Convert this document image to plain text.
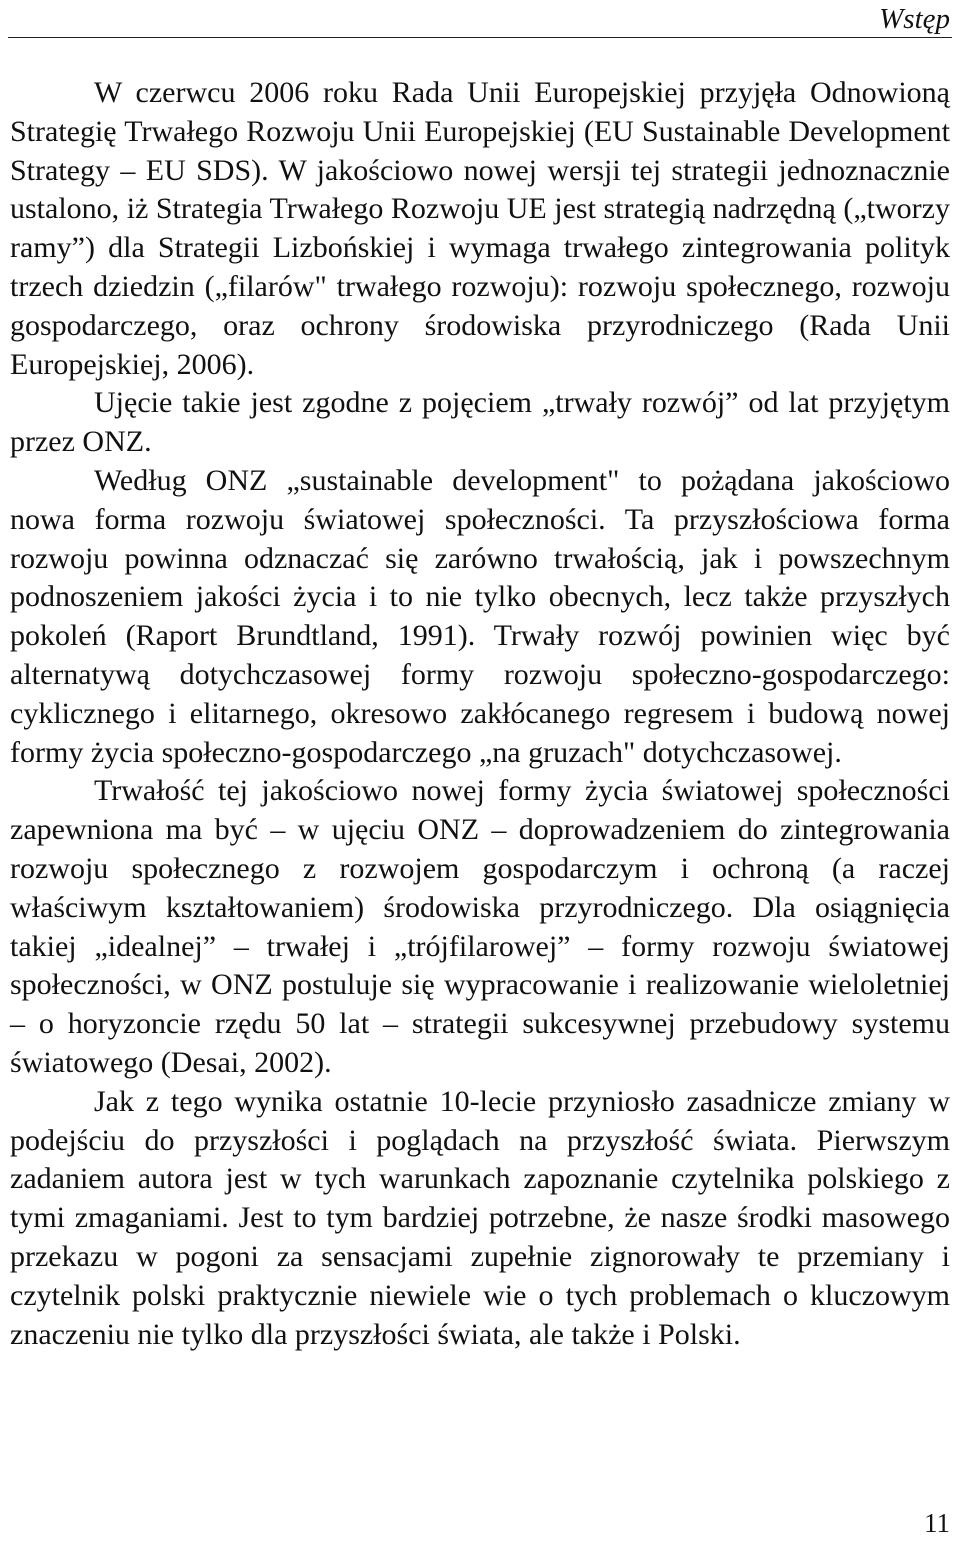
Wstęp

W czerwcu 2006 roku Rada Unii Europejskiej przyjęła Odnowioną Strategię Trwałego Rozwoju Unii Europejskiej (EU Sustainable Development Strategy – EU SDS). W jakościowo nowej wersji tej strategii jednoznacznie ustalono, iż Strategia Trwałego Rozwoju UE jest strategią nadrzędną („tworzy ramy”) dla Strategii Lizbońskiej i wymaga trwałego zintegrowania polityk trzech dziedzin („filarów" trwałego rozwoju): rozwoju społecznego, rozwoju gospodarczego, oraz ochrony środowiska przyrodniczego (Rada Unii Europejskiej, 2006).

Ujęcie takie jest zgodne z pojęciem „trwały rozwój” od lat przyjętym przez ONZ.

Według ONZ „sustainable development" to pożądana jakościowo nowa forma rozwoju światowej społeczności. Ta przyszłościowa forma rozwoju powinna odznaczać się zarówno trwałością, jak i powszechnym podnoszeniem jakości życia i to nie tylko obecnych, lecz także przyszłych pokoleń (Raport Brundtland, 1991). Trwały rozwój powinien więc być alternatywą dotychczasowej formy rozwoju społeczno-gospodarczego: cyklicznego i elitarnego, okresowo zakłócanego regresem i budową nowej formy życia społeczno-gospodarczego „na gruzach" dotychczasowej.

Trwałość tej jakościowo nowej formy życia światowej społeczności zapewniona ma być – w ujęciu ONZ – doprowadzeniem do zintegrowania rozwoju społecznego z rozwojem gospodarczym i ochroną (a raczej właściwym kształtowaniem) środowiska przyrodniczego. Dla osiągnięcia takiej „idealnej” – trwałej i „trójfilarowej” – formy rozwoju światowej społeczności, w ONZ postuluje się wypracowanie i realizowanie wieloletniej – o horyzoncie rzędu 50 lat – strategii sukcesywnej przebudowy systemu światowego (Desai, 2002).

Jak z tego wynika ostatnie 10-lecie przyniosło zasadnicze zmiany w podejściu do przyszłości i poglądach na przyszłość świata. Pierwszym zadaniem autora jest w tych warunkach zapoznanie czytelnika polskiego z tymi zmaganiami. Jest to tym bardziej potrzebne, że nasze środki masowego przekazu w pogoni za sensacjami zupełnie zignorowały te przemiany i czytelnik polski praktycznie niewiele wie o tych problemach o kluczowym znaczeniu nie tylko dla przyszłości świata, ale także i Polski.

11
